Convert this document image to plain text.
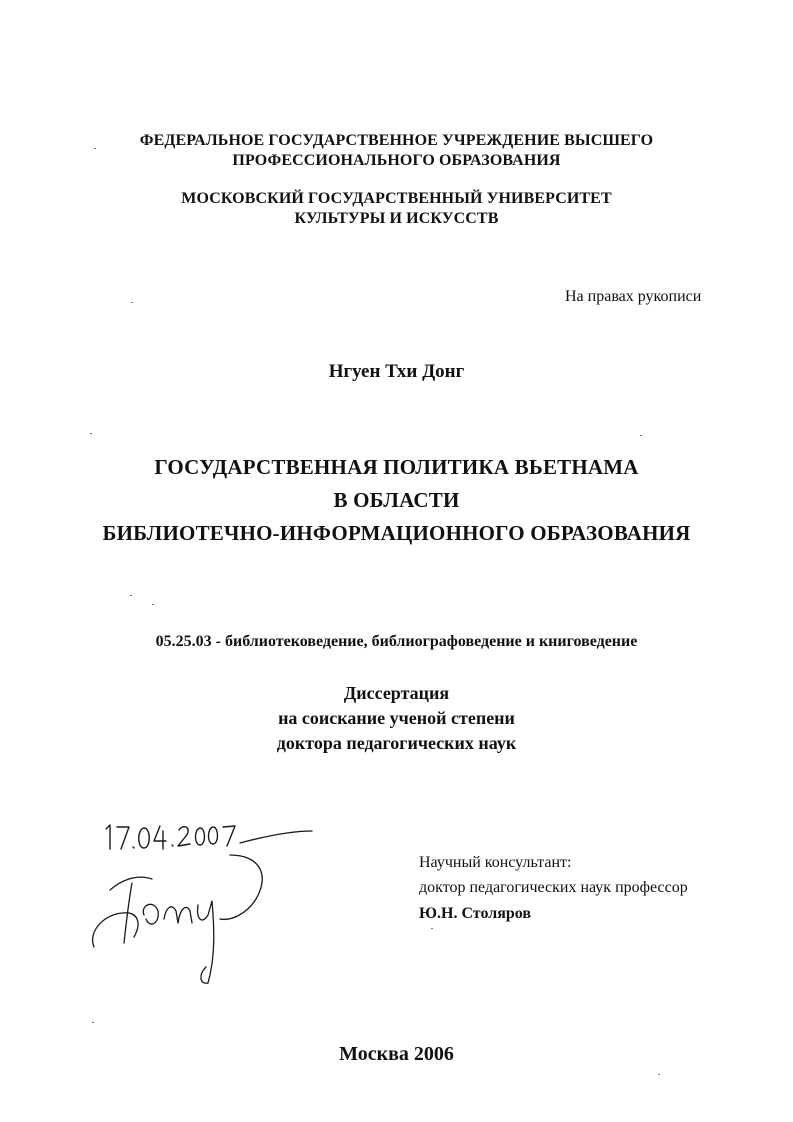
ФЕДЕРАЛЬНОЕ ГОСУДАРСТВЕННОЕ УЧРЕЖДЕНИЕ ВЫСШЕГО
ПРОФЕССИОНАЛЬНОГО ОБРАЗОВАНИЯ
МОСКОВСКИЙ ГОСУДАРСТВЕННЫЙ УНИВЕРСИТЕТ
КУЛЬТУРЫ И ИСКУССТВ
На правах рукописи
Нгуен Тхи Донг
ГОСУДАРСТВЕННАЯ ПОЛИТИКА ВЬЕТНАМА
В ОБЛАСТИ
БИБЛИОТЕЧНО-ИНФОРМАЦИОННОГО ОБРАЗОВАНИЯ
05.25.03 - библиотековедение, библиографоведение и книговедение
Диссертация
на соискание ученой степени
доктора педагогических наук
Научный консультант:
доктор педагогических наук профессор
Ю.Н. Столяров
Москва 2006
